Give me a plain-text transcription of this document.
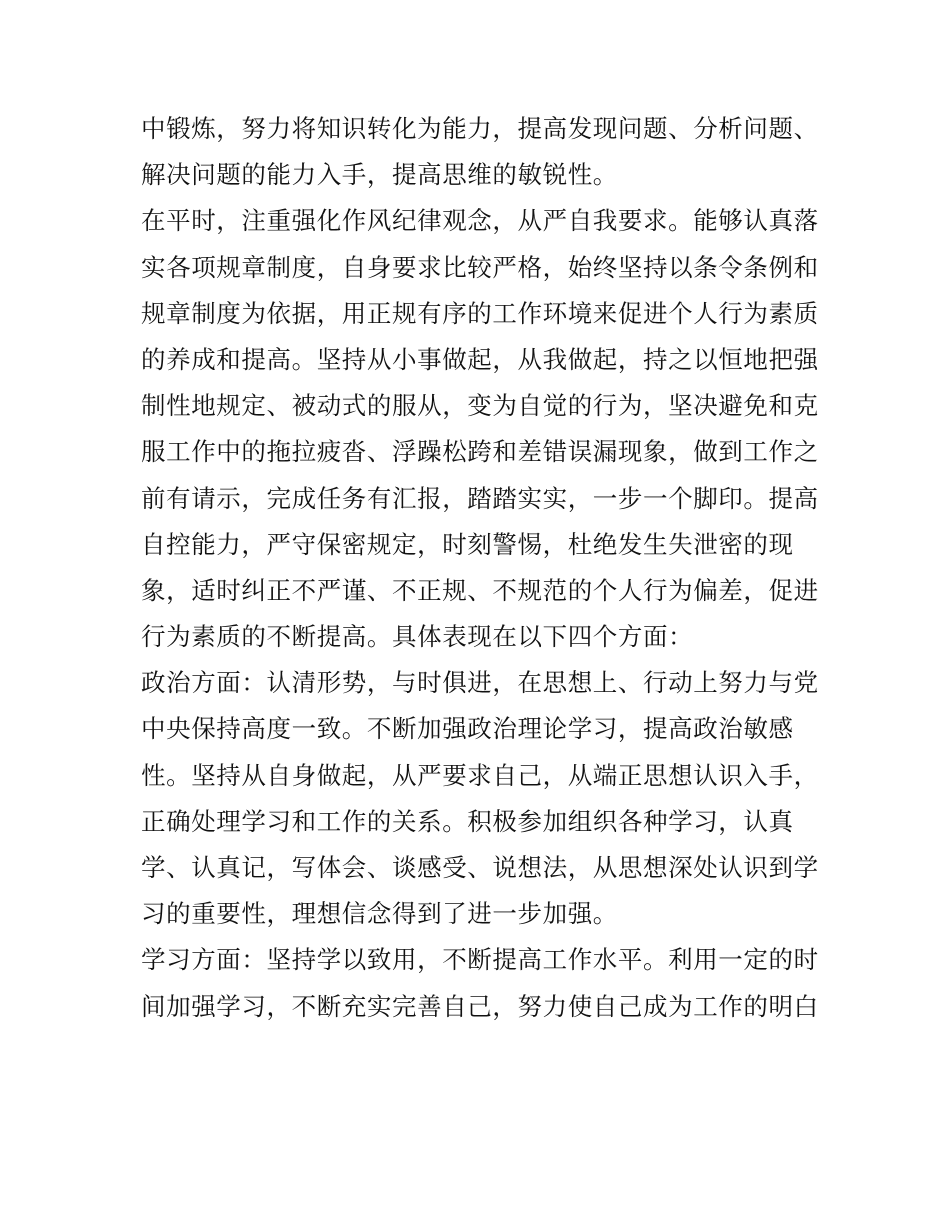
中锻炼，努力将知识转化为能力，提高发现问题、分析问题、
解决问题的能力入手，提高思维的敏锐性。
在平时，注重强化作风纪律观念，从严自我要求。能够认真落
实各项规章制度，自身要求比较严格，始终坚持以条令条例和
规章制度为依据，用正规有序的工作环境来促进个人行为素质
的养成和提高。坚持从小事做起，从我做起，持之以恒地把强
制性地规定、被动式的服从，变为自觉的行为，坚决避免和克
服工作中的拖拉疲沓、浮躁松跨和差错误漏现象，做到工作之
前有请示，完成任务有汇报，踏踏实实，一步一个脚印。提高
自控能力，严守保密规定，时刻警惕，杜绝发生失泄密的现
象，适时纠正不严谨、不正规、不规范的个人行为偏差，促进
行为素质的不断提高。具体表现在以下四个方面：
政治方面：认清形势，与时俱进，在思想上、行动上努力与党
中央保持高度一致。不断加强政治理论学习，提高政治敏感
性。坚持从自身做起，从严要求自己，从端正思想认识入手，
正确处理学习和工作的关系。积极参加组织各种学习，认真
学、认真记，写体会、谈感受、说想法，从思想深处认识到学
习的重要性，理想信念得到了进一步加强。
学习方面：坚持学以致用，不断提高工作水平。利用一定的时
间加强学习，不断充实完善自己，努力使自己成为工作的明白
